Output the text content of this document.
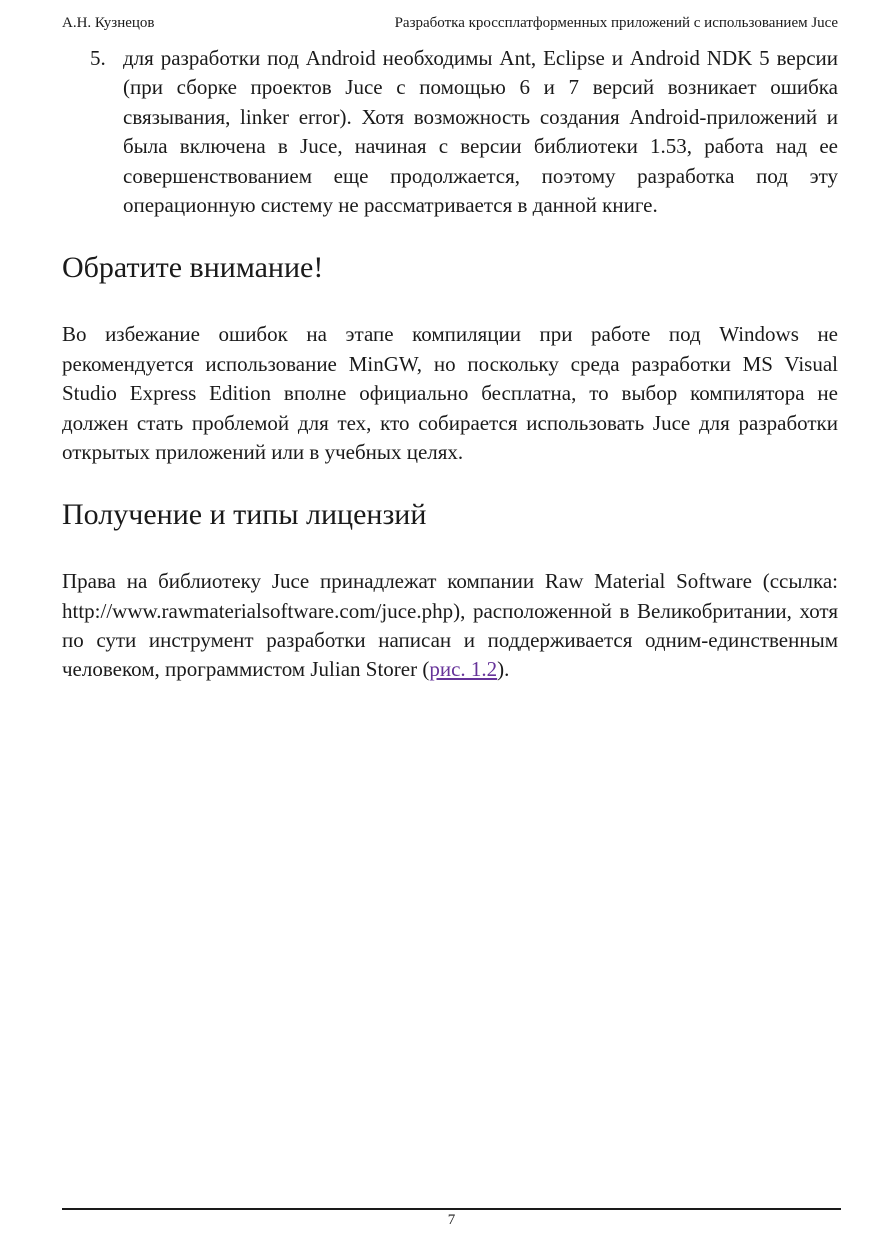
А.Н. Кузнецов	Разработка кроссплатформенных приложений с использованием Juce
5. для разработки под Android необходимы Ant, Eclipse и Android NDK 5 версии (при сборке проектов Juce с помощью 6 и 7 версий возникает ошибка связывания, linker error). Хотя возможность создания Android-приложений и была включена в Juce, начиная с версии библиотеки 1.53, работа над ее совершенствованием еще продолжается, поэтому разработка под эту операционную систему не рассматривается в данной книге.
Обратите внимание!

Во избежание ошибок на этапе компиляции при работе под Windows не рекомендуется использование MinGW, но поскольку среда разработки MS Visual Studio Express Edition вполне официально бесплатна, то выбор компилятора не должен стать проблемой для тех, кто собирается использовать Juce для разработки открытых приложений или в учебных целях.

Получение и типы лицензий

Права на библиотеку Juce принадлежат компании Raw Material Software (ссылка: http://www.rawmaterialsoftware.com/juce.php), расположенной в Великобритании, хотя по сути инструмент разработки написан и поддерживается одним-единственным человеком, программистом Julian Storer (рис. 1.2).

7
